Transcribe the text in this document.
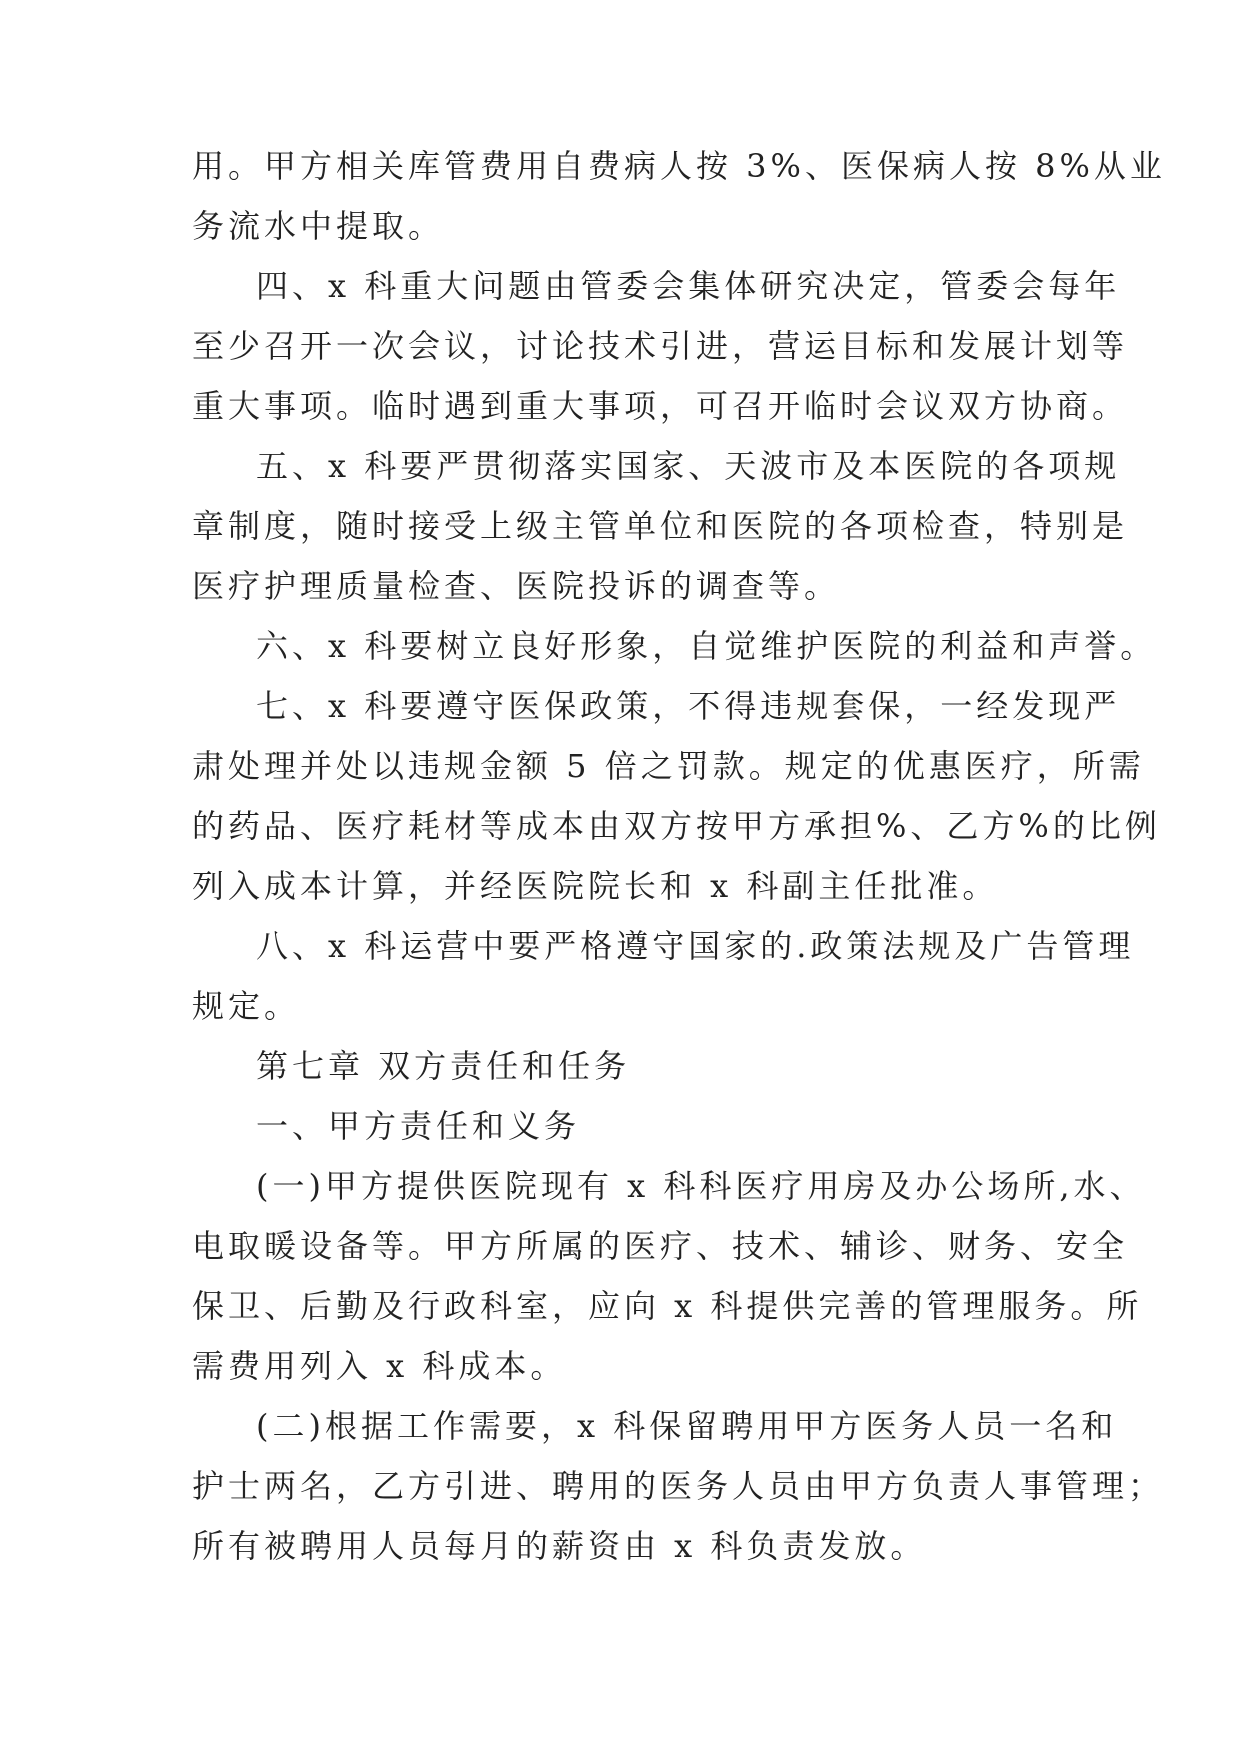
用。甲方相关库管费用自费病人按 3%、医保病人按 8%从业
务流水中提取。
四、x 科重大问题由管委会集体研究决定，管委会每年
至少召开一次会议，讨论技术引进，营运目标和发展计划等
重大事项。临时遇到重大事项，可召开临时会议双方协商。
五、x 科要严贯彻落实国家、天波市及本医院的各项规
章制度，随时接受上级主管单位和医院的各项检查，特别是
医疗护理质量检查、医院投诉的调查等。
六、x 科要树立良好形象，自觉维护医院的利益和声誉。
七、x 科要遵守医保政策，不得违规套保，一经发现严
肃处理并处以违规金额 5 倍之罚款。规定的优惠医疗，所需
的药品、医疗耗材等成本由双方按甲方承担%、乙方%的比例
列入成本计算，并经医院院长和 x 科副主任批准。
八、x 科运营中要严格遵守国家的.政策法规及广告管理
规定。
第七章 双方责任和任务
一、甲方责任和义务
(一)甲方提供医院现有 x 科科医疗用房及办公场所,水、
电取暖设备等。甲方所属的医疗、技术、辅诊、财务、安全
保卫、后勤及行政科室，应向 x 科提供完善的管理服务。所
需费用列入 x 科成本。
(二)根据工作需要，x 科保留聘用甲方医务人员一名和
护士两名，乙方引进、聘用的医务人员由甲方负责人事管理；
所有被聘用人员每月的薪资由 x 科负责发放。
